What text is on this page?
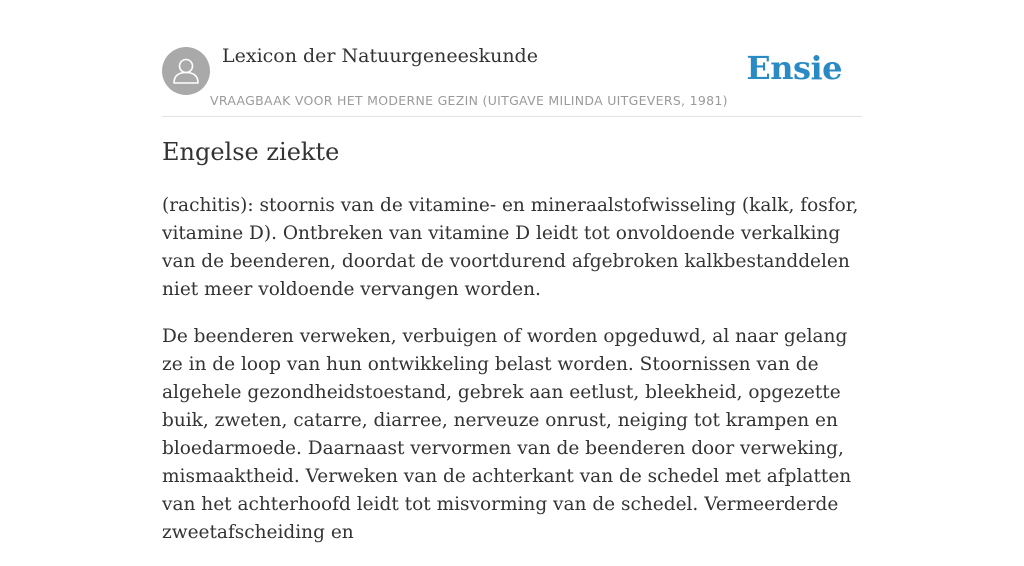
Lexicon der Natuurgeneeskunde
VRAAGBAAK VOOR HET MODERNE GEZIN (UITGAVE MILINDA UITGEVERS, 1981)
Ensie
Engelse ziekte

(rachitis): stoornis van de vitamine- en mineraalstofwisseling (kalk, fosfor, vitamine D). Ontbreken van vitamine D leidt tot onvoldoende verkalking van de beenderen, doordat de voortdurend afgebroken kalkbestanddelen niet meer voldoende vervangen worden.

De beenderen verweken, verbuigen of worden opgeduwd, al naar gelang ze in de loop van hun ontwikkeling belast worden. Stoornissen van de algehele gezondheidstoestand, gebrek aan eetlust, bleekheid, opgezette buik, zweten, catarre, diarree, nerveuze onrust, neiging tot krampen en bloedarmoede. Daarnaast vervormen van de beenderen door verweking, mismaaktheid. Verweken van de achterkant van de schedel met afplatten van het achterhoofd leidt tot misvorming van de schedel. Vermeerderde zweetafscheiding en
